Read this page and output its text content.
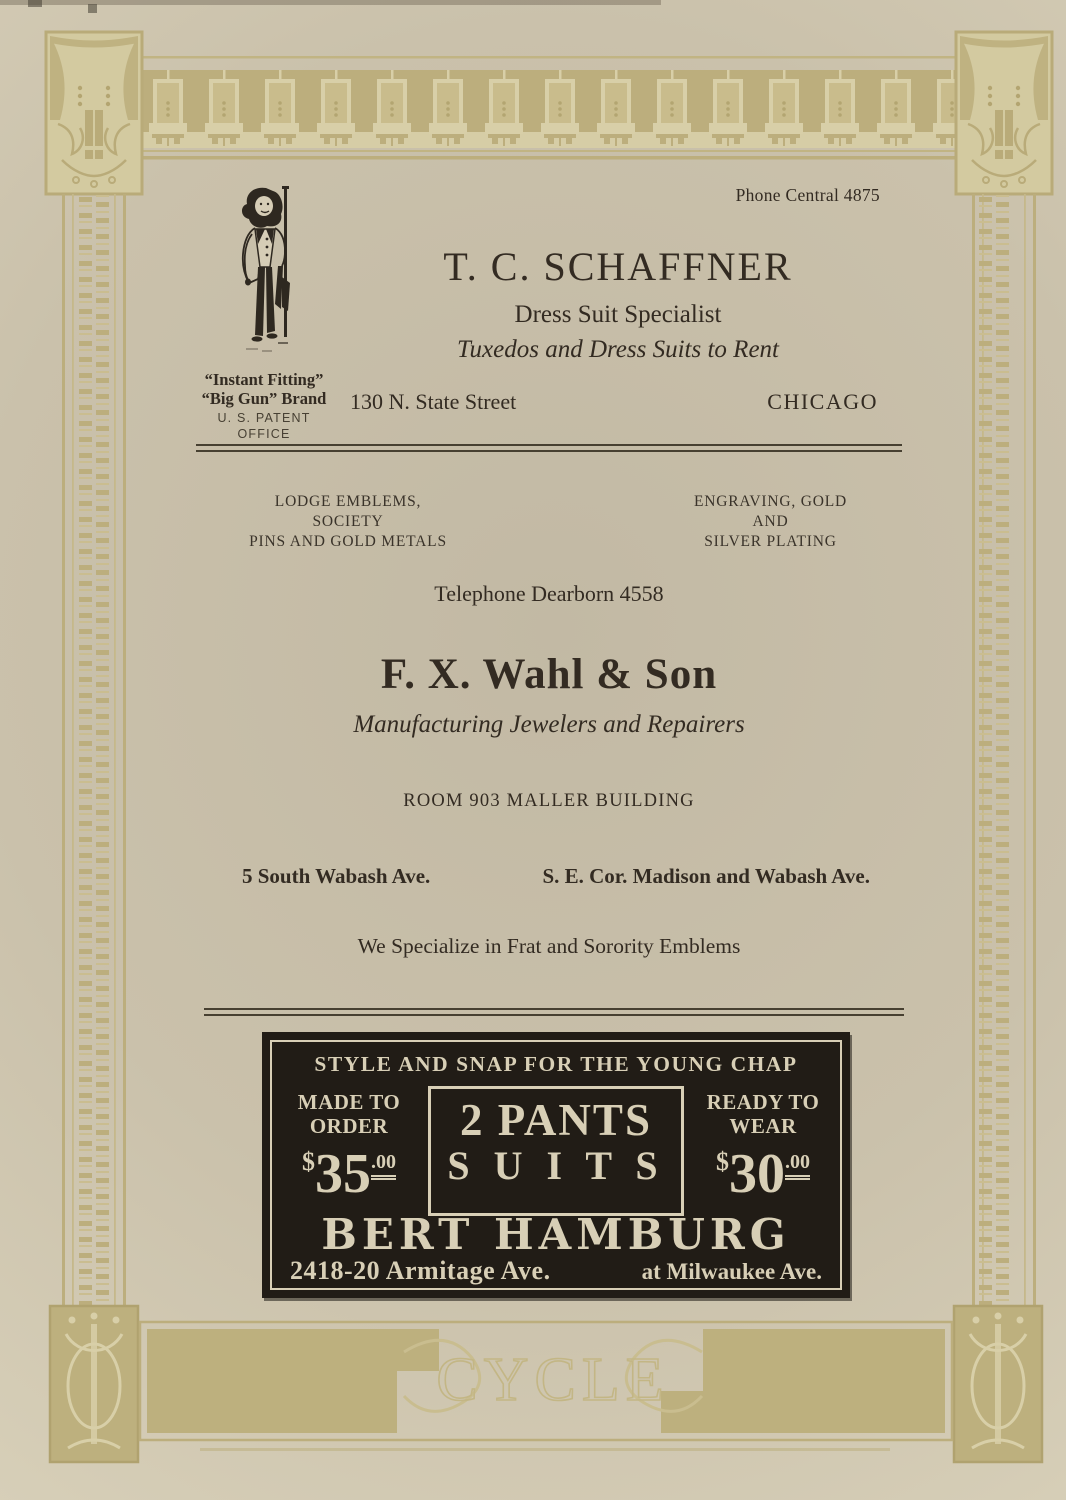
CYCLE
Phone Central 4875
“Instant Fitting”
“Big Gun” Brand
U. S. PATENT
OFFICE
T. C. SCHAFFNER
Dress Suit Specialist
Tuxedos and Dress Suits to Rent
130 N. State Street	CHICAGO
LODGE EMBLEMS, SOCIETY
PINS AND GOLD METALS
ENGRAVING, GOLD AND
SILVER PLATING
Telephone Dearborn 4558
F. X. Wahl & Son
Manufacturing Jewelers and Repairers
ROOM 903 MALLER BUILDING
5 South Wabash Ave.	S. E. Cor. Madison and Wabash Ave.
We Specialize in Frat and Sorority Emblems
STYLE AND SNAP FOR THE YOUNG CHAP
MADE TO
ORDER
$35.00
2 PANTS
S U I T S
READY TO
WEAR
$30.00
BERT HAMBURG
2418-20 Armitage Ave.	at Milwaukee Ave.
